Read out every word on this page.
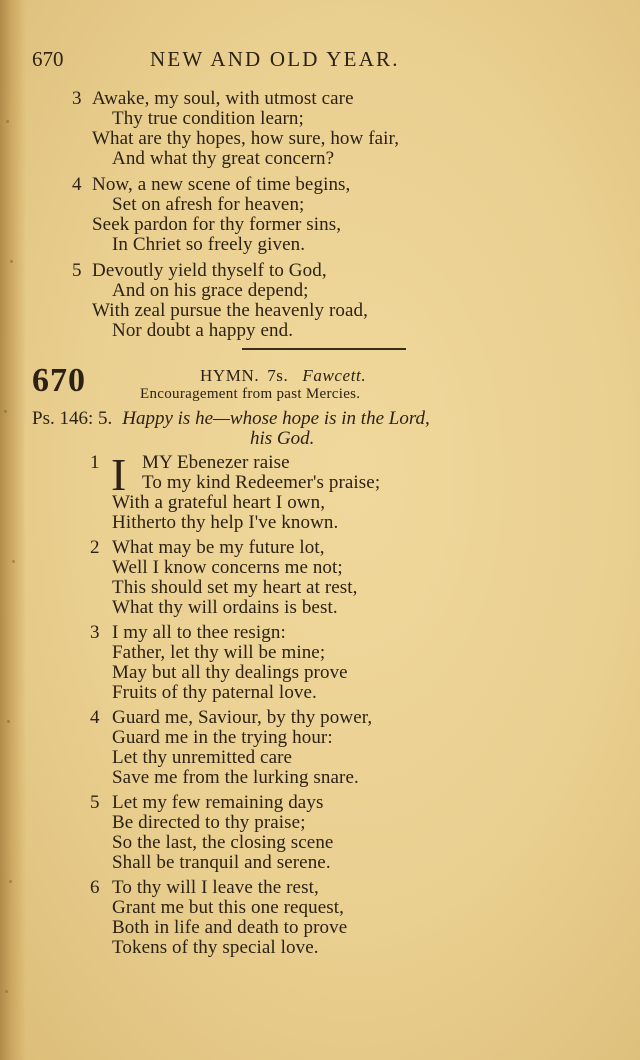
670	NEW AND OLD YEAR.
3 Awake, my soul, with utmost care
Thy true condition learn;
What are thy hopes, how sure, how fair,
And what thy great concern?
4 Now, a new scene of time begins,
Set on afresh for heaven;
Seek pardon for thy former sins,
In Chriet so freely given.
5 Devoutly yield thyself to God,
And on his grace depend;
With zeal pursue the heavenly road,
Nor doubt a happy end.
670	HYMN. 7s. Fawcett.
Encouragement from past Mercies.
Ps. 146: 5. Happy is he—whose hope is in the Lord,
his God.
1 I MY Ebenezer raise
To my kind Redeemer's praise;
With a grateful heart I own,
Hitherto thy help I've known.
2 What may be my future lot,
Well I know concerns me not;
This should set my heart at rest,
What thy will ordains is best.
3 I my all to thee resign:
Father, let thy will be mine;
May but all thy dealings prove
Fruits of thy paternal love.
4 Guard me, Saviour, by thy power,
Guard me in the trying hour:
Let thy unremitted care
Save me from the lurking snare.
5 Let my few remaining days
Be directed to thy praise;
So the last, the closing scene
Shall be tranquil and serene.
6 To thy will I leave the rest,
Grant me but this one request,
Both in life and death to prove
Tokens of thy special love.
